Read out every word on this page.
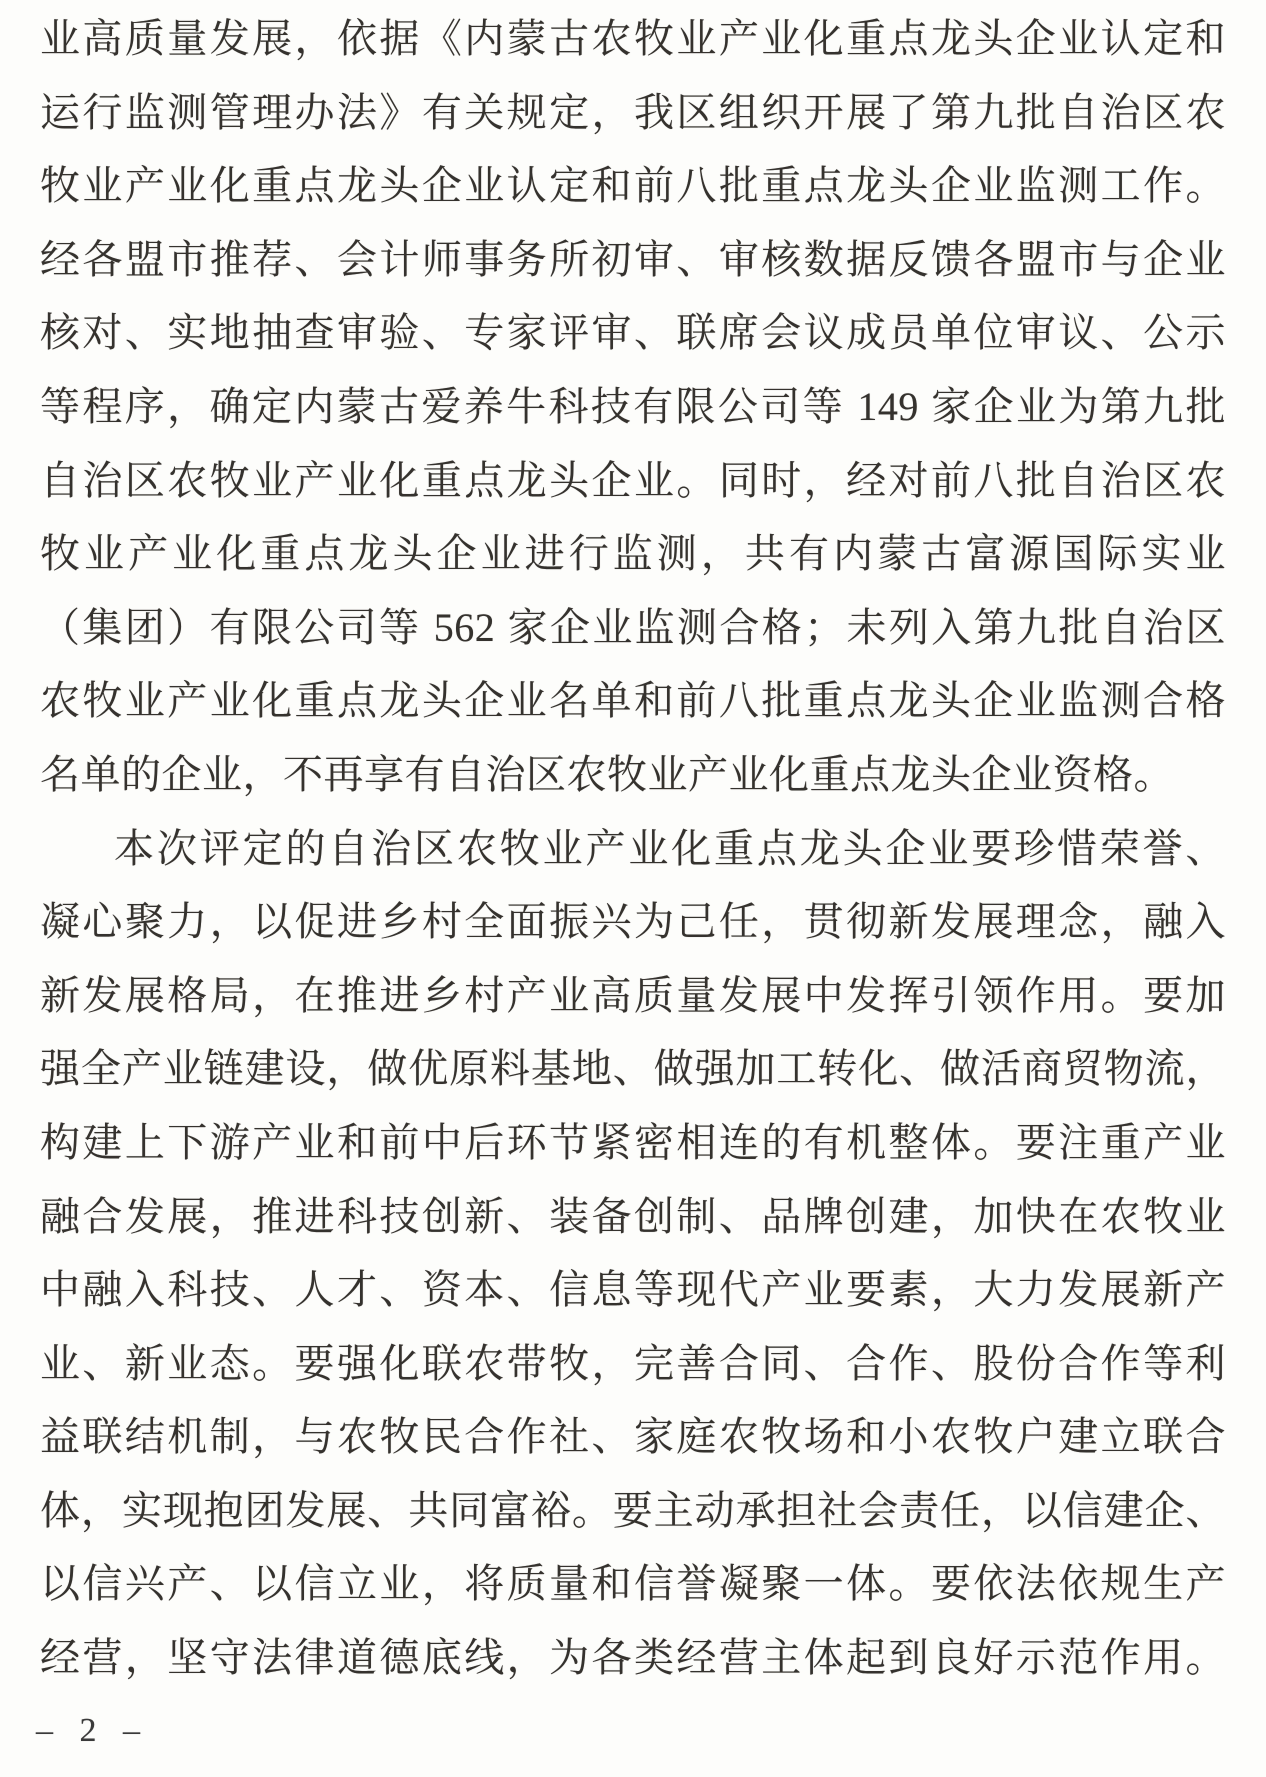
业高质量发展，依据《内蒙古农牧业产业化重点龙头企业认定和
运行监测管理办法》有关规定，我区组织开展了第九批自治区农
牧业产业化重点龙头企业认定和前八批重点龙头企业监测工作。
经各盟市推荐、会计师事务所初审、审核数据反馈各盟市与企业
核对、实地抽查审验、专家评审、联席会议成员单位审议、公示
等程序，确定内蒙古爱养牛科技有限公司等 149 家企业为第九批
自治区农牧业产业化重点龙头企业。同时，经对前八批自治区农
牧业产业化重点龙头企业进行监测，共有内蒙古富源国际实业
（集团）有限公司等 562 家企业监测合格；未列入第九批自治区
农牧业产业化重点龙头企业名单和前八批重点龙头企业监测合格
名单的企业，不再享有自治区农牧业产业化重点龙头企业资格。
本次评定的自治区农牧业产业化重点龙头企业要珍惜荣誉、
凝心聚力，以促进乡村全面振兴为己任，贯彻新发展理念，融入
新发展格局，在推进乡村产业高质量发展中发挥引领作用。要加
强全产业链建设，做优原料基地、做强加工转化、做活商贸物流，
构建上下游产业和前中后环节紧密相连的有机整体。要注重产业
融合发展，推进科技创新、装备创制、品牌创建，加快在农牧业
中融入科技、人才、资本、信息等现代产业要素，大力发展新产
业、新业态。要强化联农带牧，完善合同、合作、股份合作等利
益联结机制，与农牧民合作社、家庭农牧场和小农牧户建立联合
体，实现抱团发展、共同富裕。要主动承担社会责任，以信建企、
以信兴产、以信立业，将质量和信誉凝聚一体。要依法依规生产
经营，坚守法律道德底线，为各类经营主体起到良好示范作用。
– 2 –
